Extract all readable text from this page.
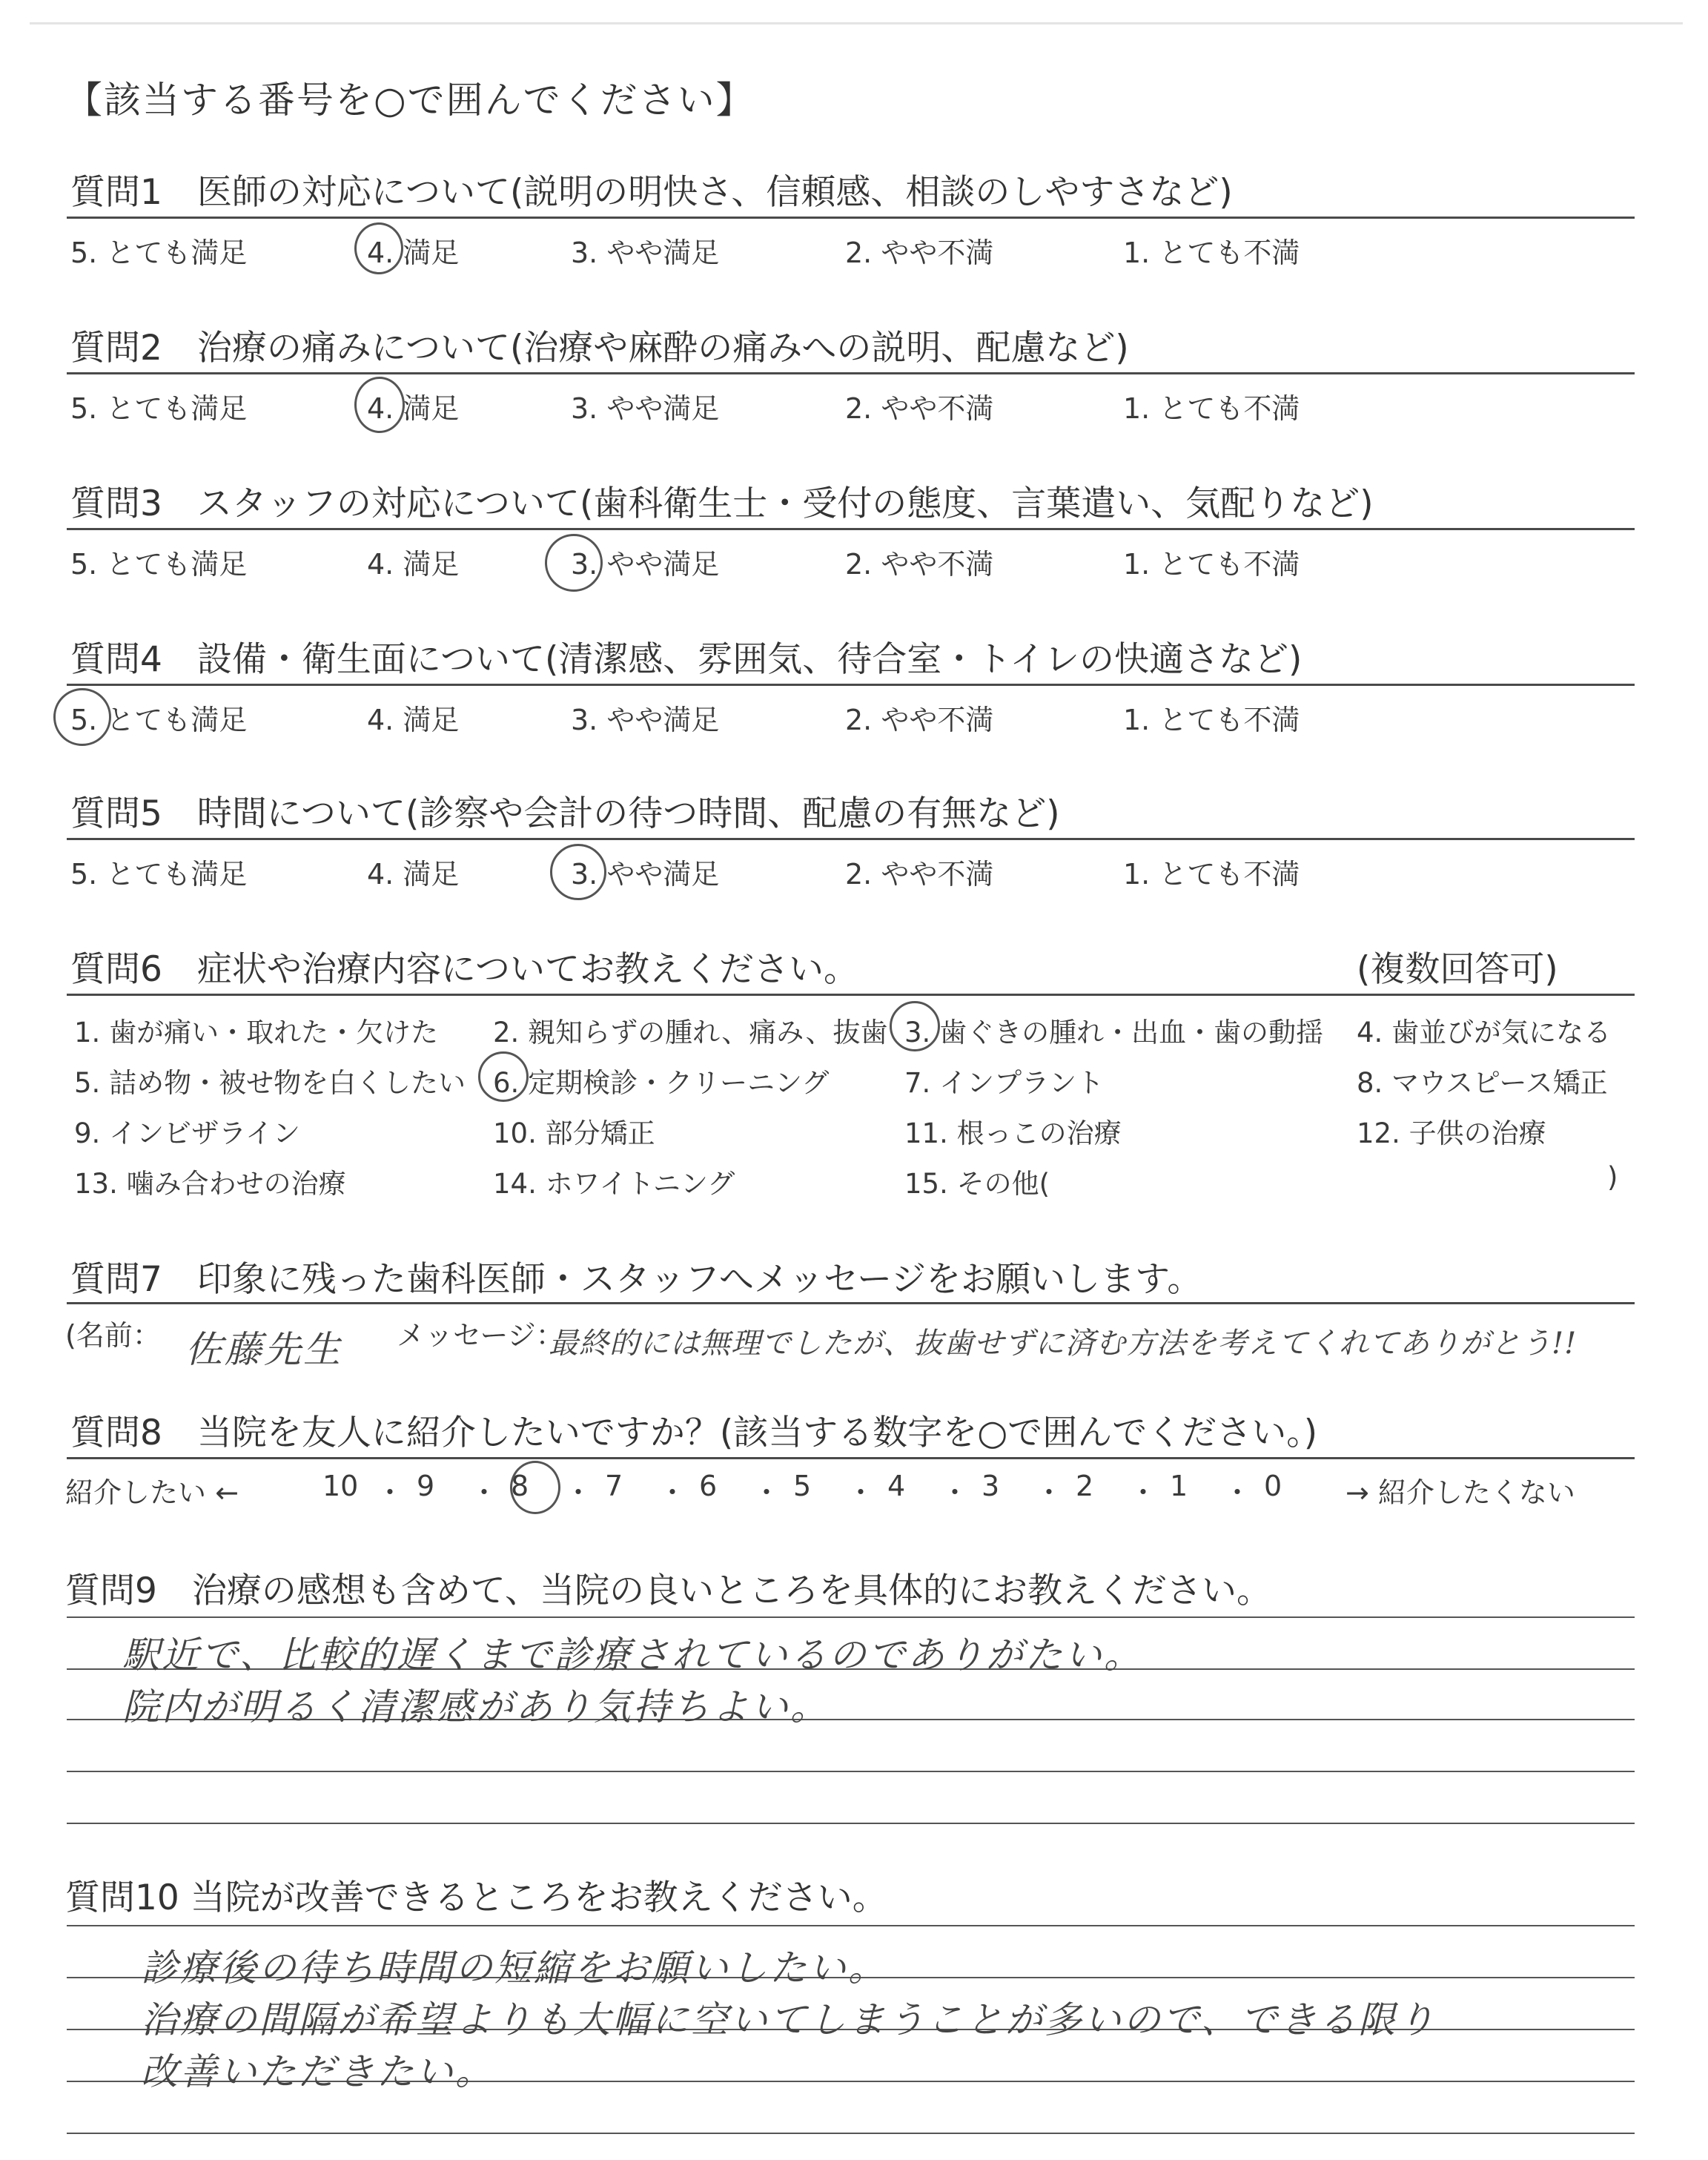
【該当する番号を○で囲んでください】
質問1　医師の対応について(説明の明快さ、信頼感、相談のしやすさなど)
5. とても満足	4. 満足	3. やや満足	2. やや不満	1. とても不満
質問2　治療の痛みについて(治療や麻酔の痛みへの説明、配慮など)
5. とても満足	4. 満足	3. やや満足	2. やや不満	1. とても不満
質問3　スタッフの対応について(歯科衛生士・受付の態度、言葉遣い、気配りなど)
5. とても満足	4. 満足	3. やや満足	2. やや不満	1. とても不満
質問4　設備・衛生面について(清潔感、雰囲気、待合室・トイレの快適さなど)
5. とても満足	4. 満足	3. やや満足	2. やや不満	1. とても不満
質問5　時間について(診察や会計の待つ時間、配慮の有無など)
5. とても満足	4. 満足	3. やや満足	2. やや不満	1. とても不満
質問6　症状や治療内容についてお教えください。	(複数回答可)
1. 歯が痛い・取れた・欠けた 2. 親知らずの腫れ、痛み、抜歯 3. 歯ぐきの腫れ・出血・歯の動揺 4. 歯並びが気になる
5. 詰め物・被せ物を白くしたい 6. 定期検診・クリーニング	7. インプラント	8. マウスピース矯正
9. インビザライン	10. 部分矯正	11. 根っこの治療	12. 子供の治療
13. 噛み合わせの治療	14. ホワイトニング	15. その他(	)
質問7　印象に残った歯科医師・スタッフへメッセージをお願いします。
(名前： 佐藤先生 メッセージ：
最終的には無理でしたが、抜歯せずに済む方法を考えてくれてありがとう!!
質問8　当院を友人に紹介したいですか？(該当する数字を○で囲んでください。)
紹介したい ←	→ 紹介したくない
10 ・ 9 ・ 8 ・ 7 ・ 6 ・ 5 ・ 4 ・ 3 ・ 2 ・ 1 ・ 0
質問9　治療の感想も含めて、当院の良いところを具体的にお教えください。
駅近で、比較的遅くまで診療されているのでありがたい。
院内が明るく清潔感があり気持ちよい。
質問10 当院が改善できるところをお教えください。
診療後の待ち時間の短縮をお願いしたい。
治療の間隔が希望よりも大幅に空いてしまうことが多いので、できる限り
改善いただきたい。
